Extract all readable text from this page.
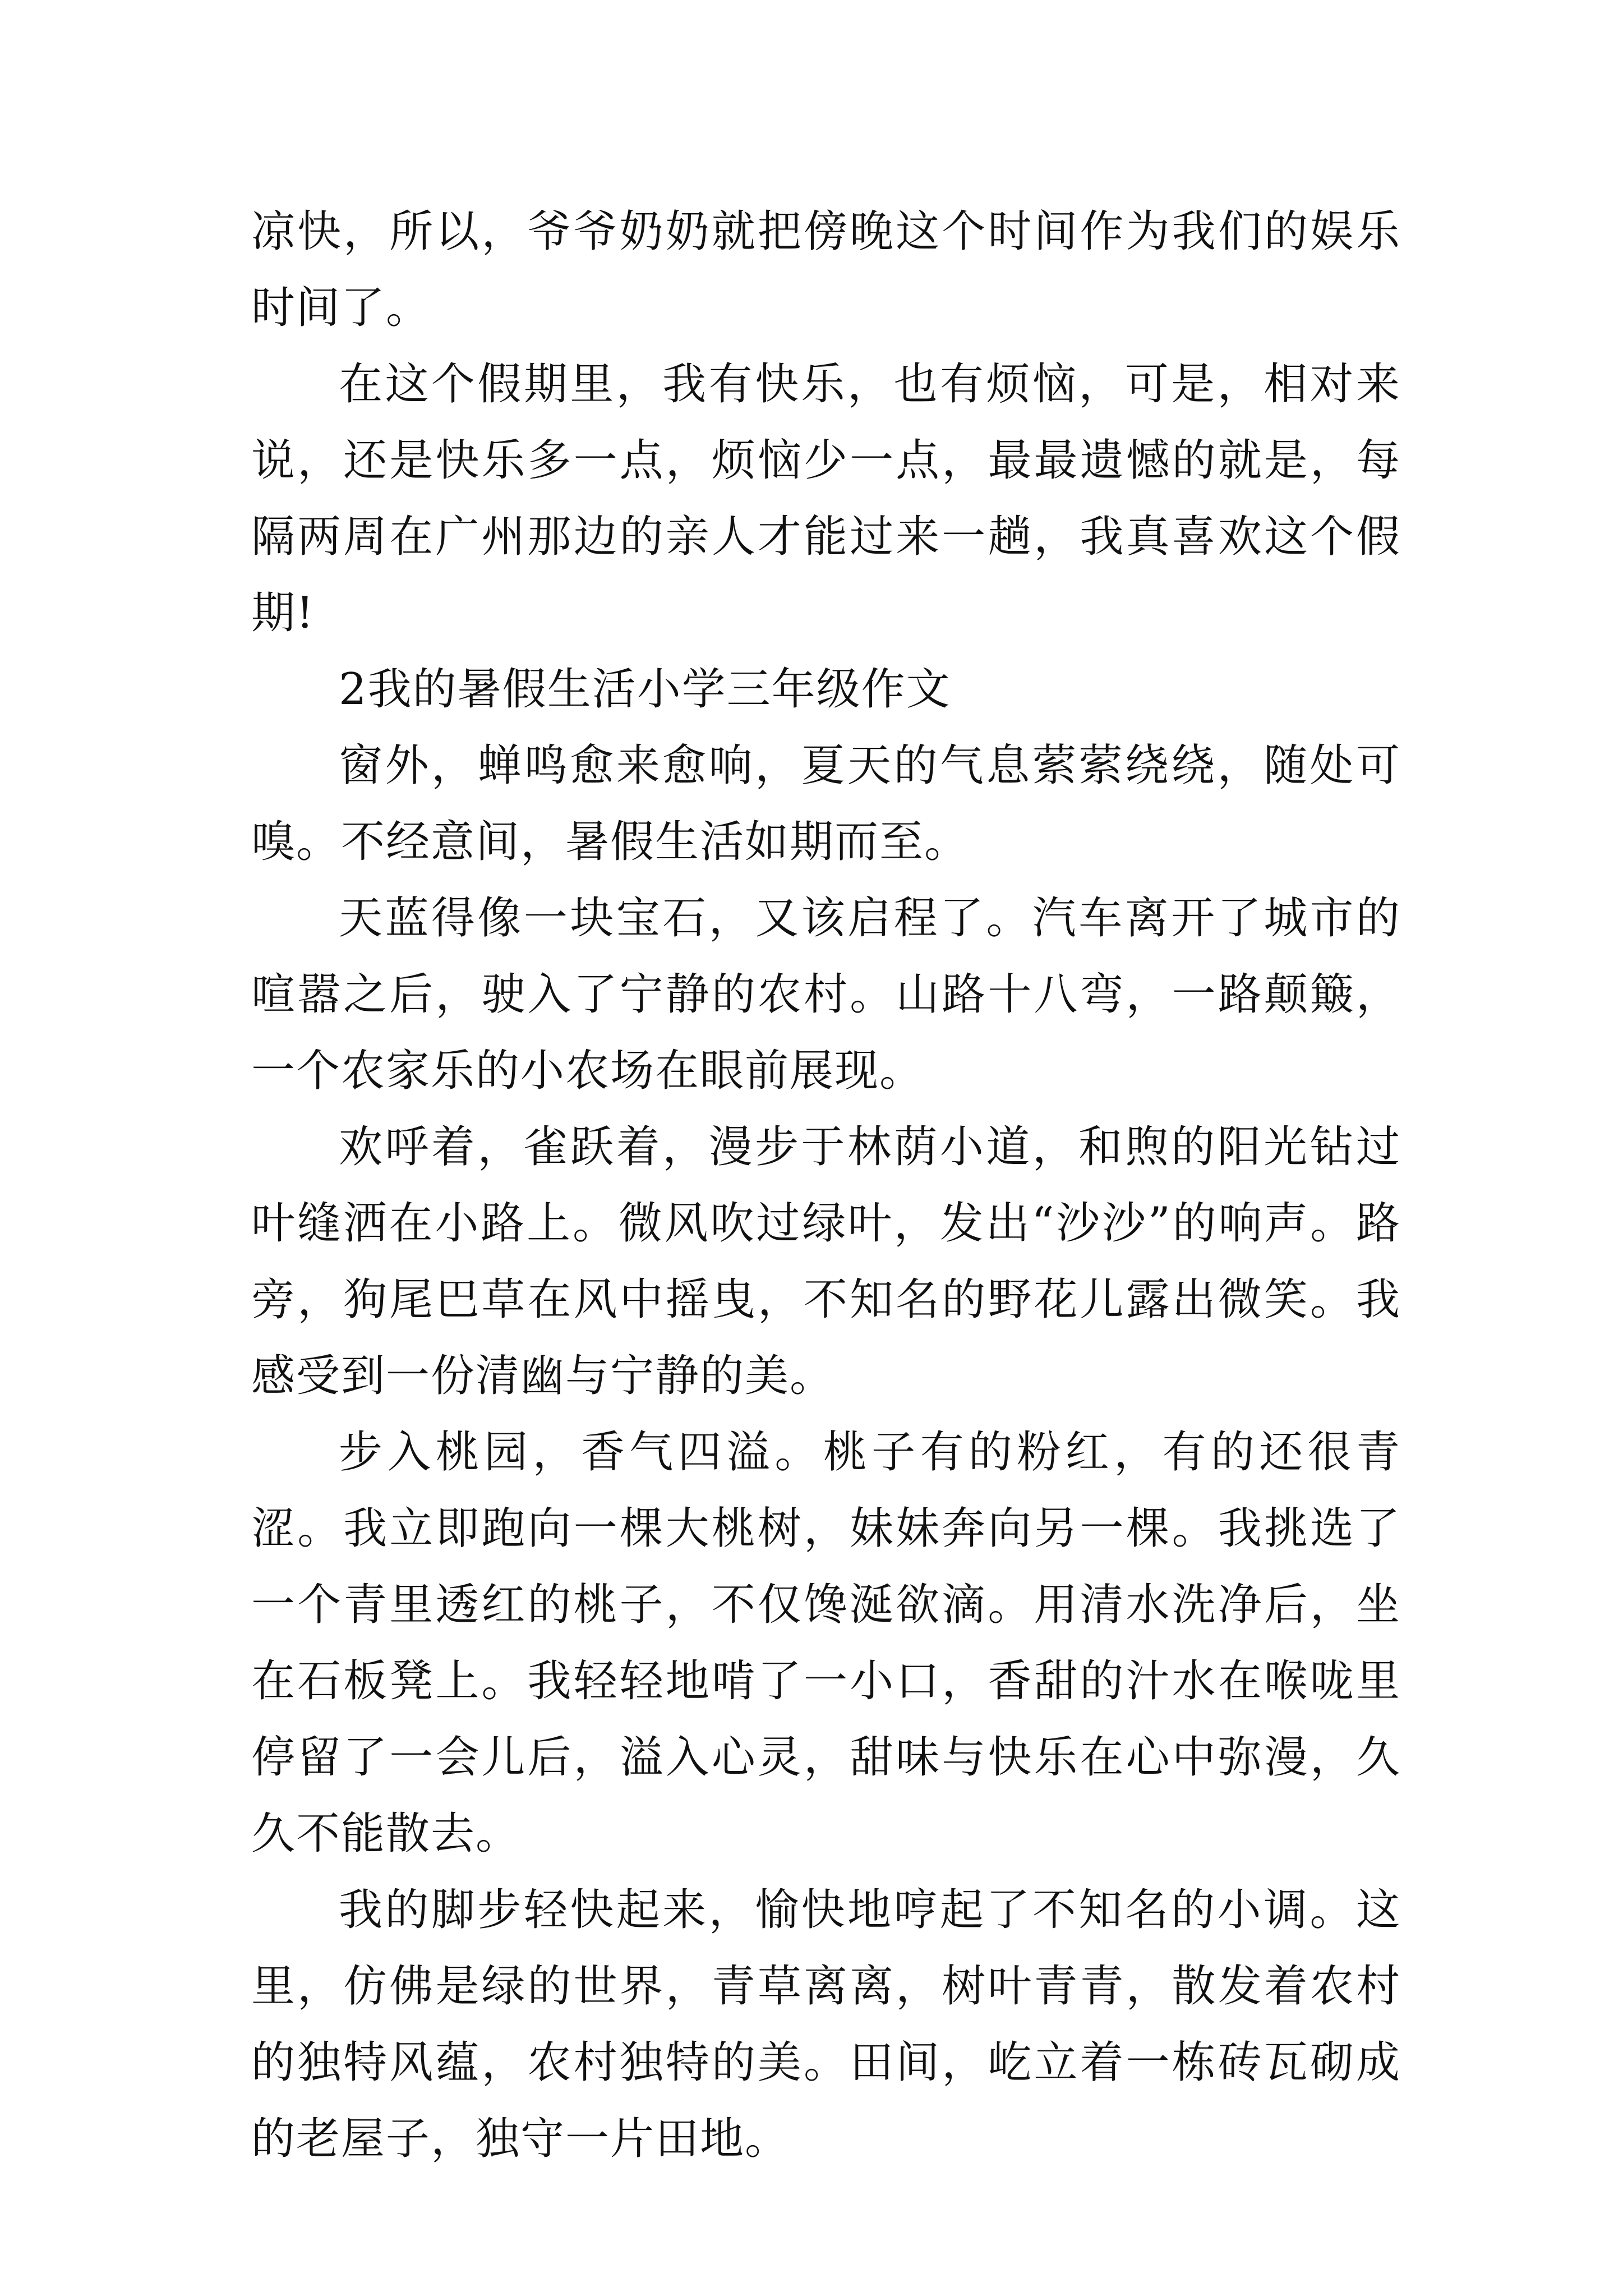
凉快，所以，爷爷奶奶就把傍晚这个时间作为我们的娱乐时间了。

在这个假期里，我有快乐，也有烦恼，可是，相对来说，还是快乐多一点，烦恼少一点，最最遗憾的就是，每隔两周在广州那边的亲人才能过来一趟，我真喜欢这个假期!

2我的暑假生活小学三年级作文

窗外，蝉鸣愈来愈响，夏天的气息萦萦绕绕，随处可嗅。不经意间，暑假生活如期而至。

天蓝得像一块宝石，又该启程了。汽车离开了城市的喧嚣之后，驶入了宁静的农村。山路十八弯，一路颠簸，一个农家乐的小农场在眼前展现。

欢呼着，雀跃着，漫步于林荫小道，和煦的阳光钻过叶缝洒在小路上。微风吹过绿叶，发出“沙沙”的响声。路旁，狗尾巴草在风中摇曳，不知名的野花儿露出微笑。我感受到一份清幽与宁静的美。

步入桃园，香气四溢。桃子有的粉红，有的还很青涩。我立即跑向一棵大桃树，妹妹奔向另一棵。我挑选了一个青里透红的桃子，不仅馋涎欲滴。用清水洗净后，坐在石板凳上。我轻轻地啃了一小口，香甜的汁水在喉咙里停留了一会儿后，溢入心灵，甜味与快乐在心中弥漫，久久不能散去。

我的脚步轻快起来，愉快地哼起了不知名的小调。这里，仿佛是绿的世界，青草离离，树叶青青，散发着农村的独特风蕴，农村独特的美。田间，屹立着一栋砖瓦砌成的老屋子，独守一片田地。
